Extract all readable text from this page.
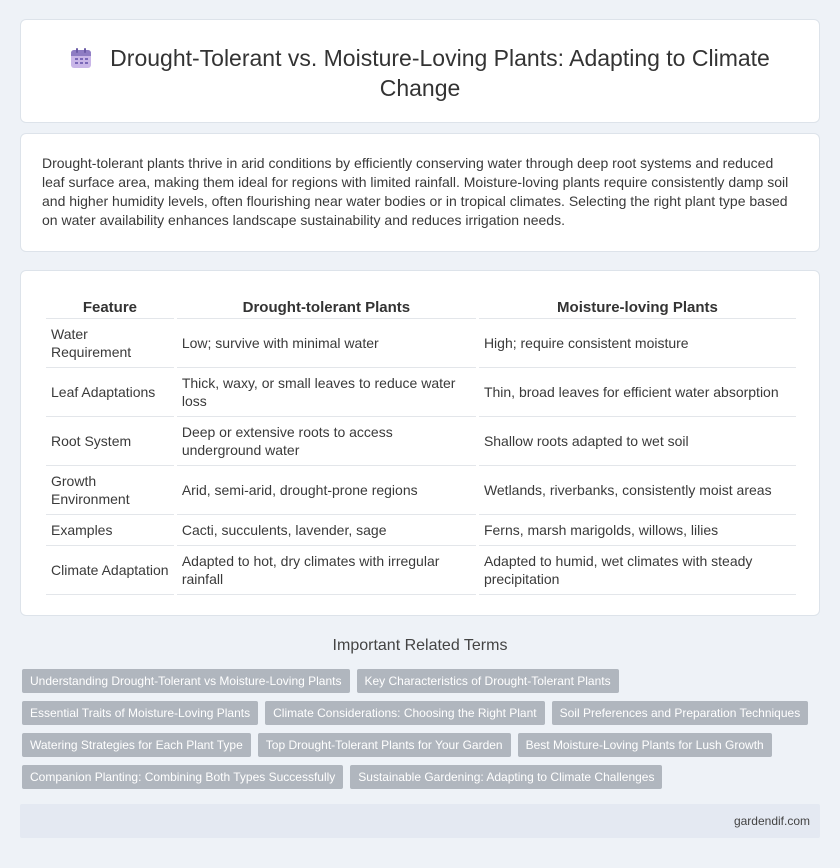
Drought-Tolerant vs. Moisture-Loving Plants: Adapting to Climate Change

Drought-tolerant plants thrive in arid conditions by efficiently conserving water through deep root systems and reduced leaf surface area, making them ideal for regions with limited rainfall. Moisture-loving plants require consistently damp soil and higher humidity levels, often flourishing near water bodies or in tropical climates. Selecting the right plant type based on water availability enhances landscape sustainability and reduces irrigation needs.

Feature	Drought-tolerant Plants	Moisture-loving Plants
Water Requirement	Low; survive with minimal water	High; require consistent moisture
Leaf Adaptations	Thick, waxy, or small leaves to reduce water loss	Thin, broad leaves for efficient water absorption
Root System	Deep or extensive roots to access underground water	Shallow roots adapted to wet soil
Growth Environment	Arid, semi-arid, drought-prone regions	Wetlands, riverbanks, consistently moist areas
Examples	Cacti, succulents, lavender, sage	Ferns, marsh marigolds, willows, lilies
Climate Adaptation	Adapted to hot, dry climates with irregular rainfall	Adapted to humid, wet climates with steady precipitation
Important Related Terms
Understanding Drought-Tolerant vs Moisture-Loving Plants	Key Characteristics of Drought-Tolerant Plants
Essential Traits of Moisture-Loving Plants	Climate Considerations: Choosing the Right Plant	Soil Preferences and Preparation Techniques
Watering Strategies for Each Plant Type	Top Drought-Tolerant Plants for Your Garden	Best Moisture-Loving Plants for Lush Growth
Companion Planting: Combining Both Types Successfully	Sustainable Gardening: Adapting to Climate Challenges
gardendif.com
